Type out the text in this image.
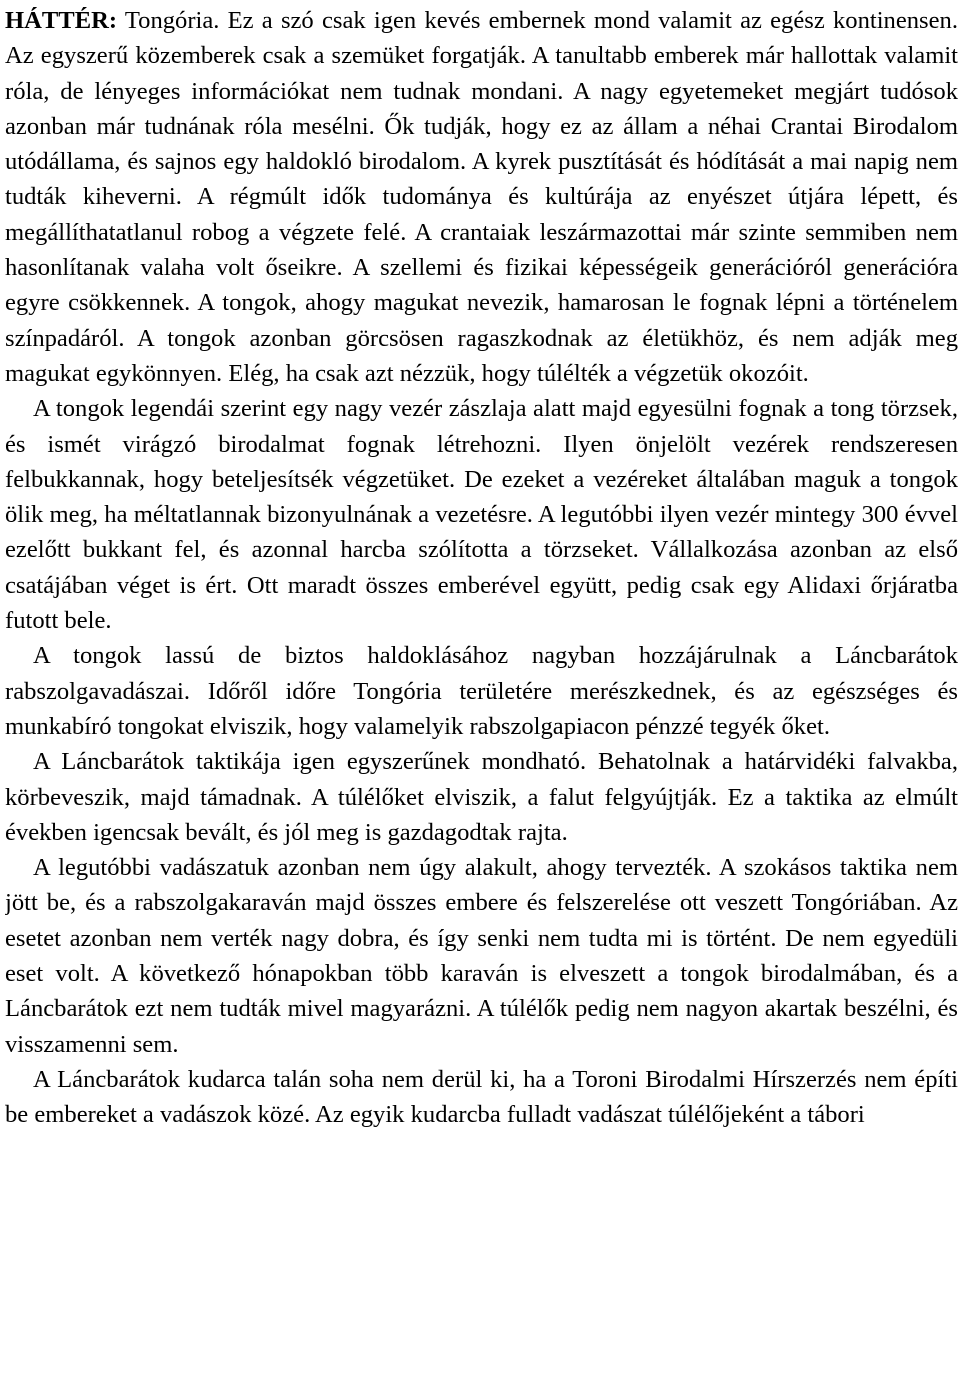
HÁTTÉR: Tongória. Ez a szó csak igen kevés embernek mond valamit az egész kontinensen. Az egyszerű közemberek csak a szemüket forgatják. A tanultabb emberek már hallottak valamit róla, de lényeges információkat nem tudnak mondani. A nagy egyetemeket megjárt tudósok azonban már tudnának róla mesélni. Ők tudják, hogy ez az állam a néhai Crantai Birodalom utódállama, és sajnos egy haldokló birodalom. A kyrek pusztítását és hódítását a mai napig nem tudták kiheverni. A régmúlt idők tudománya és kultúrája az enyészet útjára lépett, és megállíthatatlanul robog a végzete felé. A crantaiak leszármazottai már szinte semmiben nem hasonlítanak valaha volt őseikre. A szellemi és fizikai képességeik generációról generációra egyre csökkennek. A tongok, ahogy magukat nevezik, hamarosan le fognak lépni a történelem színpadáról. A tongok azonban görcsösen ragaszkodnak az életükhöz, és nem adják meg magukat egykönnyen. Elég, ha csak azt nézzük, hogy túlélték a végzetük okozóit.

A tongok legendái szerint egy nagy vezér zászlaja alatt majd egyesülni fognak a tong törzsek, és ismét virágzó birodalmat fognak létrehozni. Ilyen önjelölt vezérek rendszeresen felbukkannak, hogy beteljesítsék végzetüket. De ezeket a vezéreket általában maguk a tongok ölik meg, ha méltatlannak bizonyulnának a vezetésre. A legutóbbi ilyen vezér mintegy 300 évvel ezelőtt bukkant fel, és azonnal harcba szólította a törzseket. Vállalkozása azonban az első csatájában véget is ért. Ott maradt összes emberével együtt, pedig csak egy Alidaxi őrjáratba futott bele.

A tongok lassú de biztos haldoklásához nagyban hozzájárulnak a Láncbarátok rabszolgavadászai. Időről időre Tongória területére merészkednek, és az egészséges és munkabíró tongokat elviszik, hogy valamelyik rabszolgapiacon pénzzé tegyék őket.

A Láncbarátok taktikája igen egyszerűnek mondható. Behatolnak a határvidéki falvakba, körbeveszik, majd támadnak. A túlélőket elviszik, a falut felgyújtják. Ez a taktika az elmúlt években igencsak bevált, és jól meg is gazdagodtak rajta.

A legutóbbi vadászatuk azonban nem úgy alakult, ahogy tervezték. A szokásos taktika nem jött be, és a rabszolgakaraván majd összes embere és felszerelése ott veszett Tongóriában. Az esetet azonban nem verték nagy dobra, és így senki nem tudta mi is történt. De nem egyedüli eset volt. A következő hónapokban több karaván is elveszett a tongok birodalmában, és a Láncbarátok ezt nem tudták mivel magyarázni. A túlélők pedig nem nagyon akartak beszélni, és visszamenni sem.

A Láncbarátok kudarca talán soha nem derül ki, ha a Toroni Birodalmi Hírszerzés nem építi be embereket a vadászok közé. Az egyik kudarcba fulladt vadászat túlélőjeként a tábori
